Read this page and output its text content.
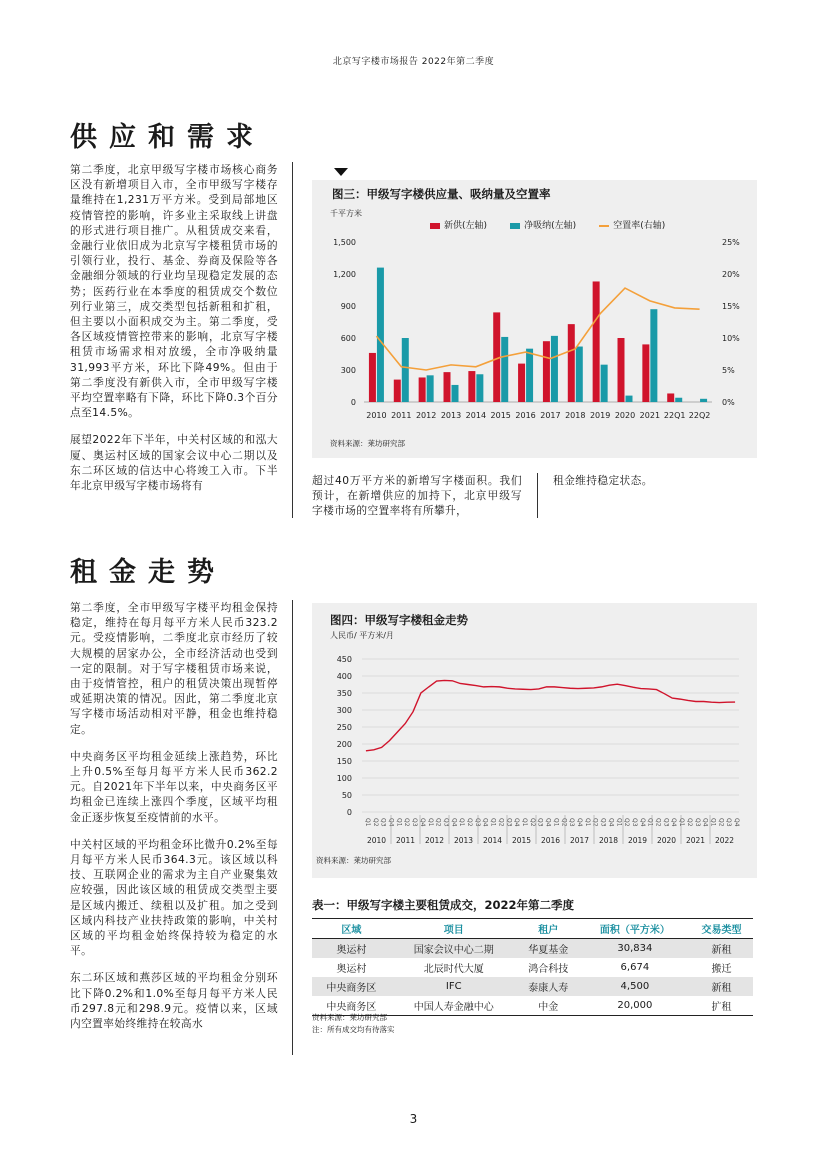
北京写字楼市场报告 2022年第二季度
供应和需求

第二季度，北京甲级写字楼市场核心商务区没有新增项目入市，全市甲级写字楼存量维持在1,231万平方米。受到局部地区疫情管控的影响，许多业主采取线上讲盘的形式进行项目推广。从租赁成交来看，金融行业依旧成为北京写字楼租赁市场的引领行业，投行、基金、券商及保险等各金融细分领域的行业均呈现稳定发展的态势；医药行业在本季度的租赁成交个数位列行业第三，成交类型包括新租和扩租，但主要以小面积成交为主。第二季度，受各区域疫情管控带来的影响，北京写字楼租赁市场需求相对放缓，全市净吸纳量31,993平方米，环比下降49%。但由于第二季度没有新供入市，全市甲级写字楼平均空置率略有下降，环比下降0.3个百分点至14.5%。

展望2022年下半年，中关村区域的和泓大厦、奥运村区域的国家会议中心二期以及东二环区域的信达中心将竣工入市。下半年北京甲级写字楼市场将有

图三：甲级写字楼供应量、吸纳量及空置率
千平方米
新供(左轴)	净吸纳(左轴)	空置率(右轴)
1,500
1,200
900
600
300
0
25%
20%
15%
10%
5%
0%
2010 2011 2012 2013 2014 2015 2016 2017 2018 2019 2020 2021 22Q1 22Q2
资料来源：莱坊研究部
超过40万平方米的新增写字楼面积。我们预计，在新增供应的加持下，北京甲级写字楼市场的空置率将有所攀升，
租金维持稳定状态。
租金走势

第二季度，全市甲级写字楼平均租金保持稳定，维持在每月每平方米人民币323.2元。受疫情影响，二季度北京市经历了较大规模的居家办公，全市经济活动也受到一定的限制。对于写字楼租赁市场来说，由于疫情管控，租户的租赁决策出现暂停或延期决策的情况。因此，第二季度北京写字楼市场活动相对平静，租金也维持稳定。

中央商务区平均租金延续上涨趋势，环比上升0.5%至每月每平方米人民币362.2元。自2021年下半年以来，中央商务区平均租金已连续上涨四个季度，区域平均租金正逐步恢复至疫情前的水平。

中关村区域的平均租金环比微升0.2%至每月每平方米人民币364.3元。该区域以科技、互联网企业的需求为主自产业聚集效应较强，因此该区域的租赁成交类型主要是区域内搬迁、续租以及扩租。加之受到区域内科技产业扶持政策的影响，中关村区域的平均租金始终保持较为稳定的水平。

东二环区域和燕莎区域的平均租金分别环比下降0.2%和1.0%至每月每平方米人民币297.8元和298.9元。疫情以来，区域内空置率始终维持在较高水

图四：甲级写字楼租金走势
人民币/ 平方米/月
450
400
350
300
250
200
150
100
50
0
Q1 Q2 Q3 Q4 Q1 Q2 Q3 Q4 Q1 Q2 Q3 Q4 Q1 Q2 Q3 Q4 Q1 Q2 Q3 Q4 Q1 Q2 Q3 Q4 Q1 Q2 Q3 Q4 Q1 Q2 Q3 Q4 Q1 Q2 Q3 Q4 Q1 Q2 Q3 Q4 Q1 Q2 Q3 Q4 Q1 Q2 Q3 Q4
2010 2011 2012 2013 2014 2015 2016 2017 2018 2019 2020 2021 2022
资料来源：莱坊研究部
表一：甲级写字楼主要租赁成交，2022年第二季度
区域	项目	租户	面积（平方米）	交易类型
奥运村	国家会议中心二期	华夏基金	30,834	新租
奥运村	北辰时代大厦	鸿合科技	6,674	搬迁
中央商务区	IFC	泰康人寿	4,500	新租
中央商务区	中国人寿金融中心	中金	20,000	扩租
资料来源：莱坊研究部
注：所有成交均有待落实
3
